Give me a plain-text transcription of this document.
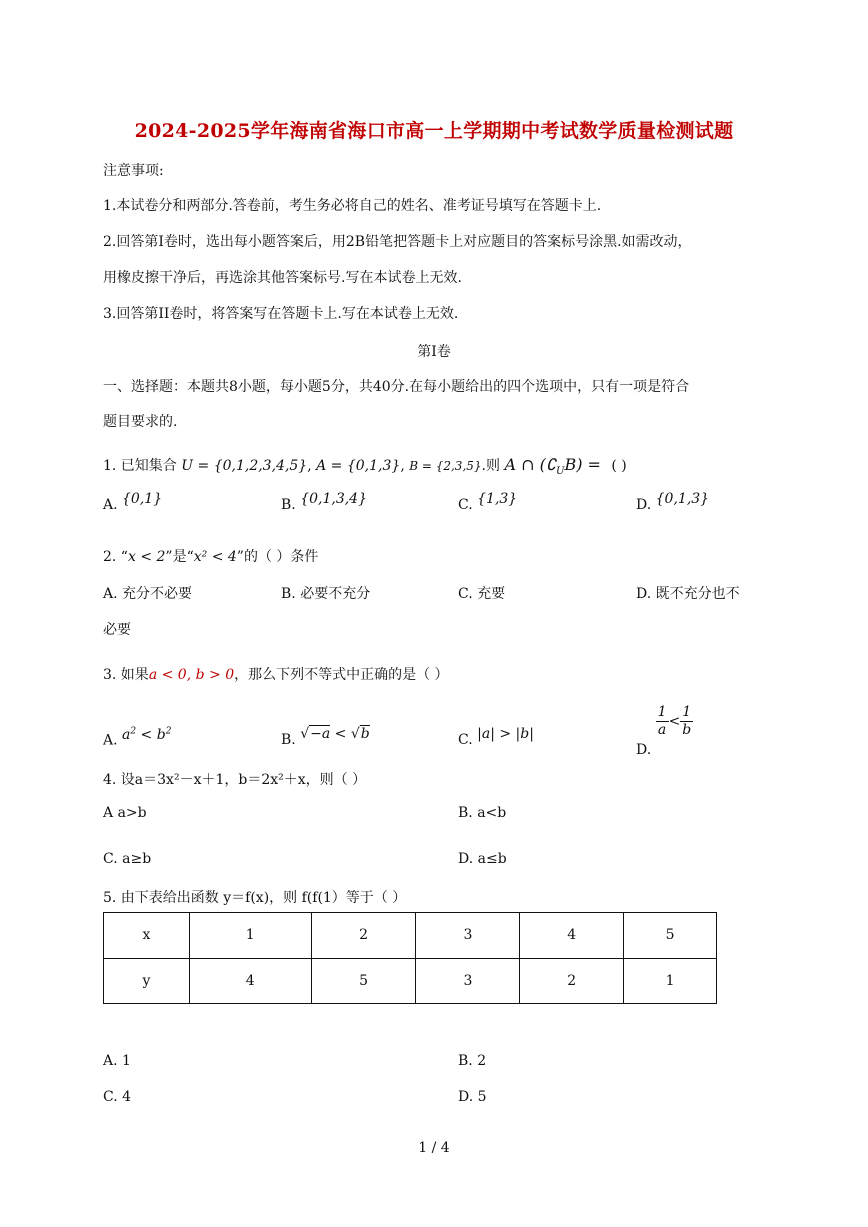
2024-2025学年海南省海口市高一上学期期中考试数学质量检测试题
注意事项:
1.本试卷分和两部分.答卷前，考生务必将自己的姓名、准考证号填写在答题卡上.
2.回答第I卷时，选出每小题答案后，用2B铅笔把答题卡上对应题目的答案标号涂黑.如需改动，
用橡皮擦干净后，再选涂其他答案标号.写在本试卷上无效.
3.回答第II卷时，将答案写在答题卡上.写在本试卷上无效.
第I卷
一、选择题：本题共8小题，每小题5分，共40分.在每小题给出的四个选项中，只有一项是符合
题目要求的.
1. 已知集合 U = {0,1,2,3,4,5}, A = {0,1,3}, B = {2,3,5}.则 A ∩ $(∁_UB)$ = ( )
A. {0,1}	B. {0,1,3,4}	C. {1,3}	D. {0,1,3}
2. “x < 2”是“x² < 4”的（ ）条件
A. 充分不必要	B. 必要不充分	C. 充要	D. 既不充分也不
必要
3. 如果a < 0, b > 0，那么下列不等式中正确的是（ ）
A. $a^2 < b^2$
B. √−a < √b	C. |a| > |b|
D.
$\frac{1}{a} < \frac{1}{b}$
4. 设a＝3x²－x＋1，b＝2x²＋x，则（ ）
A a>b	B. a<b
C. a≥b	D. a≤b
5. 由下表给出函数 y＝f(x)，则 f(f(1）等于（ ）
x	1	2	3	4	5
y	4	5	3	2	1
A. 1	B. 2
C. 4	D. 5
1 / 4
